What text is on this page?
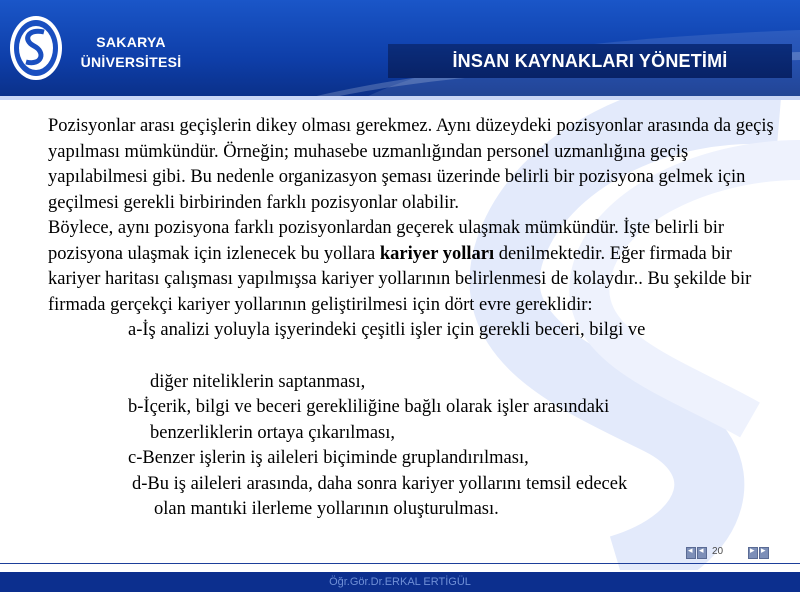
SAKARYA
ÜNİVERSİTESİ	İNSAN KAYNAKLARI YÖNETİMİ

Pozisyonlar arası geçişlerin dikey olması gerekmez. Aynı düzeydeki pozisyonlar arasında da geçiş yapılması mümkündür. Örneğin; muhasebe uzmanlığından personel uzmanlığına geçiş yapılabilmesi gibi. Bu nedenle organizasyon şeması üzerinde belirli bir pozisyona gelmek için geçilmesi gerekli birbirinden farklı pozisyonlar olabilir.

Böylece, aynı pozisyona farklı pozisyonlardan geçerek ulaşmak mümkündür. İşte belirli bir pozisyona ulaşmak için izlenecek bu yollara kariyer yolları denilmektedir. Eğer firmada bir kariyer haritası çalışması yapılmışsa kariyer yollarının belirlenmesi de kolaydır.. Bu şekilde bir firmada gerçekçi kariyer yollarının geliştirilmesi için dört evre gereklidir:

a-İş analizi yoluyla işyerindeki çeşitli işler için gerekli beceri, bilgi ve

diğer niteliklerin saptanması,

b-İçerik, bilgi ve beceri gerekliliğine bağlı olarak işler arasındaki

benzerliklerin ortaya çıkarılması,

c-Benzer işlerin iş aileleri biçiminde gruplandırılması,

d-Bu iş aileleri arasında, daha sonra kariyer yollarını temsil edecek

olan mantıki ilerleme yollarının oluşturulması.

◂ ◂ 20	▸ ▸
Öğr.Gör.Dr.ERKAL ERTİGÜL
